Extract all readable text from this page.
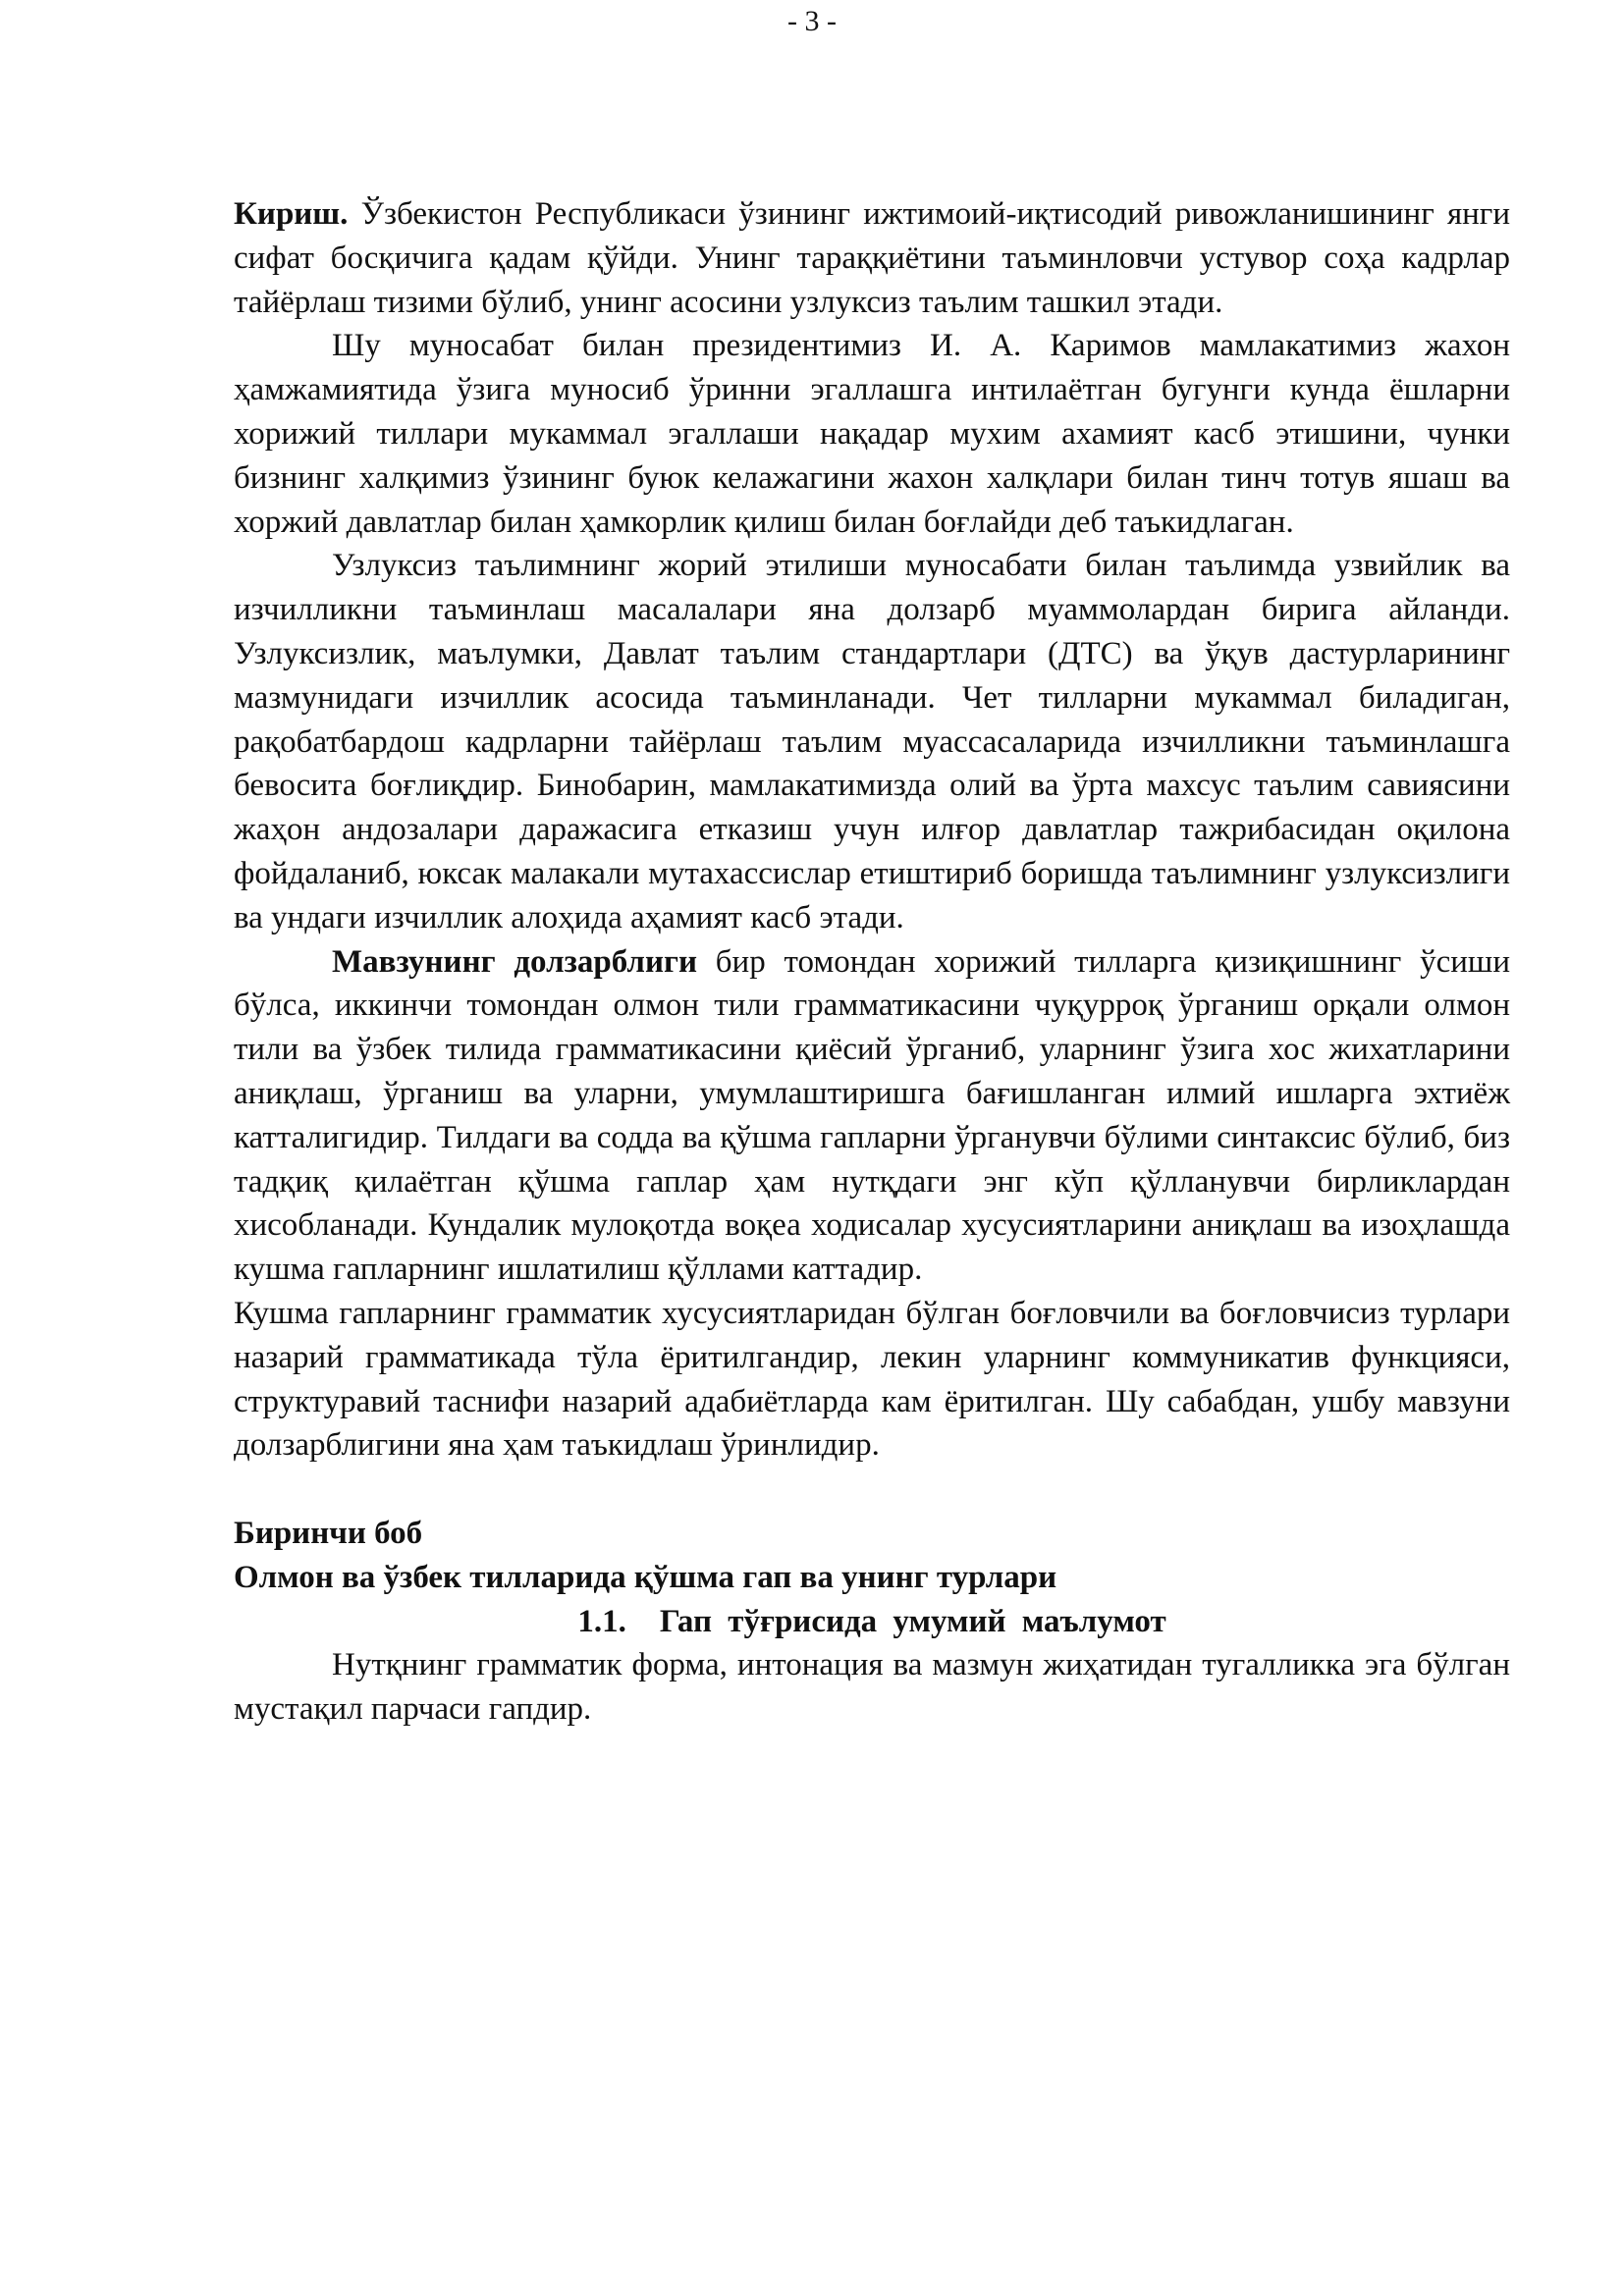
- 3 -

Кириш. Ўзбекистон Республикаси ўзининг ижтимоий-иқтисодий ривожланишининг янги сифат босқичига қадам қўйди. Унинг тараққиётини таъминловчи устувор соҳа кадрлар тайёрлаш тизими бўлиб, унинг асосини узлуксиз таълим ташкил этади.

Шу муносабат билан президентимиз И. А. Каримов мамлакатимиз жахон ҳамжамиятида ўзига муносиб ўринни эгаллашга интилаётган бугунги кунда ёшларни хорижий тиллари мукаммал эгаллаши нақадар мухим ахамият касб этишини, чунки бизнинг халқимиз ўзининг буюк келажагини жахон халқлари билан тинч тотув яшаш ва хоржий давлатлар билан ҳамкорлик қилиш билан боғлайди деб таъкидлаган.

Узлуксиз таълимнинг жорий этилиши муносабати билан таълимда узвийлик ва изчилликни таъминлаш масалалари яна долзарб муаммолардан бирига айланди. Узлуксизлик, маълумки, Давлат таълим стандартлари (ДТС) ва ўқув дастурларининг мазмунидаги изчиллик асосида таъминланади. Чет тилларни мукаммал биладиган, рақобатбардош кадрларни тайёрлаш таълим муассасаларида изчилликни таъминлашга бевосита боғлиқдир. Бинобарин, мамлакатимизда олий ва ўрта махсус таълим савиясини жаҳон андозалари даражасига етказиш учун илғор давлатлар тажрибасидан оқилона фойдаланиб, юксак малакали мутахассислар етиштириб боришда таълимнинг узлуксизлиги ва ундаги изчиллик алоҳида аҳамият касб этади.

Мавзунинг долзарблиги бир томондан хорижий тилларга қизиқишнинг ўсиши бўлса, иккинчи томондан олмон тили грамматикасини чуқурроқ ўрганиш орқали олмон тили ва ўзбек тилида грамматикасини қиёсий ўрганиб, уларнинг ўзига хос жихатларини аниқлаш, ўрганиш ва уларни, умумлаштиришга бағишланган илмий ишларга эхтиёж катталигидир. Тилдаги ва содда ва қўшма гапларни ўрганувчи бўлими синтаксис бўлиб, биз тадқиқ қилаётган қўшма гаплар ҳам нутқдаги энг кўп қўлланувчи бирликлардан хисобланади. Кундалик мулоқотда воқеа ходисалар хусусиятларини аниқлаш ва изоҳлашда кушма гапларнинг ишлатилиш қўллами каттадир.

Кушма гапларнинг грамматик хусусиятларидан бўлган боғловчили ва боғловчисиз турлари назарий грамматикада тўла ёритилгандир, лекин уларнинг коммуникатив функцияси, структуравий таснифи назарий адабиётларда кам ёритилган. Шу сабабдан, ушбу мавзуни долзарблигини яна ҳам таъкидлаш ўринлидир.

Биринчи боб
Олмон ва ўзбек тилларида қўшма гап ва унинг турлари
1.1. Гап тўғрисида умумий маълумот

Нутқнинг грамматик форма, интонация ва мазмун жиҳатидан тугалликка эга бўлган мустақил парчаси гапдир.
